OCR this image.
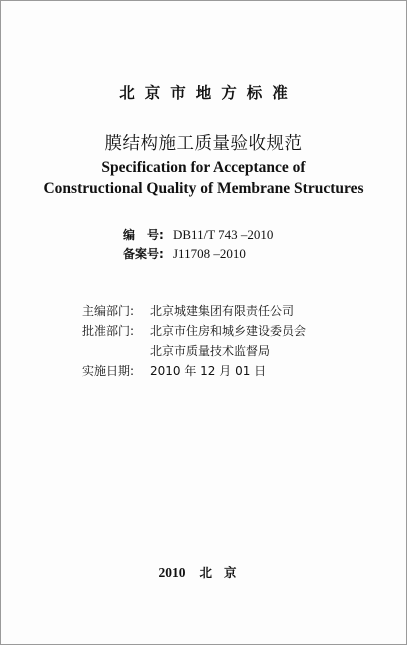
北京市地方标准
膜结构施工质量验收规范
Specification for Acceptance of
Constructional Quality of Membrane Structures
编　号: DB11/T 743 –2010
备案号: J11708 –2010
主编部门: 北京城建集团有限责任公司
批准部门: 北京市住房和城乡建设委员会
北京市质量技术监督局
实施日期: 2010 年 12 月 01 日
2010 北京
